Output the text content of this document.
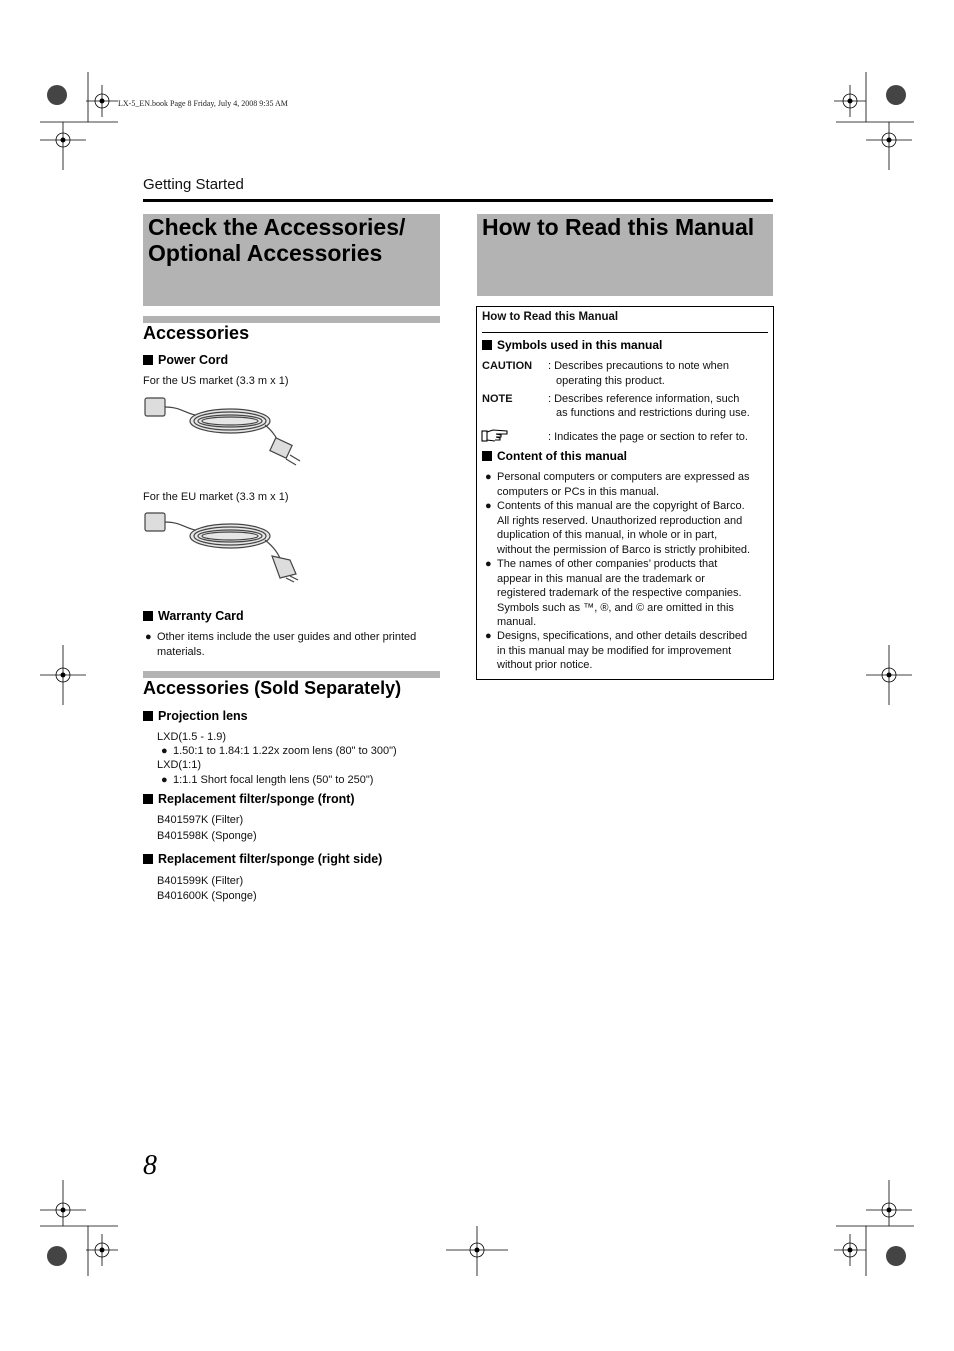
LX-5_EN.book Page 8 Friday, July 4, 2008 9:35 AM
Getting Started
Check the Accessories/
Optional Accessories
Accessories
Power Cord
For the US market (3.3 m x 1)
For the EU market (3.3 m x 1)
Warranty Card
● Other items include the user guides and other printed
materials.
Accessories (Sold Separately)
Projection lens
LXD(1.5 - 1.9)
● 1.50:1 to 1.84:1 1.22x zoom lens (80" to 300")
LXD(1:1)
● 1:1.1 Short focal length lens (50" to 250")
Replacement filter/sponge (front)
B401597K (Filter)
B401598K (Sponge)
Replacement filter/sponge (right side)
B401599K (Filter)
B401600K (Sponge)
How to Read this Manual
How to Read this Manual
Symbols used in this manual
CAUTION : Describes precautions to note when
operating this product.
NOTE	: Describes reference information, such
as functions and restrictions during use.
: Indicates the page or section to refer to.
Content of this manual
● Personal computers or computers are expressed as
computers or PCs in this manual.
● Contents of this manual are the copyright of Barco.
All rights reserved. Unauthorized reproduction and
duplication of this manual, in whole or in part,
without the permission of Barco is strictly prohibited.
● The names of other companies’ products that
appear in this manual are the trademark or
registered trademark of the respective companies.
Symbols such as ™, ®, and © are omitted in this
manual.
● Designs, specifications, and other details described
in this manual may be modified for improvement
without prior notice.
8
